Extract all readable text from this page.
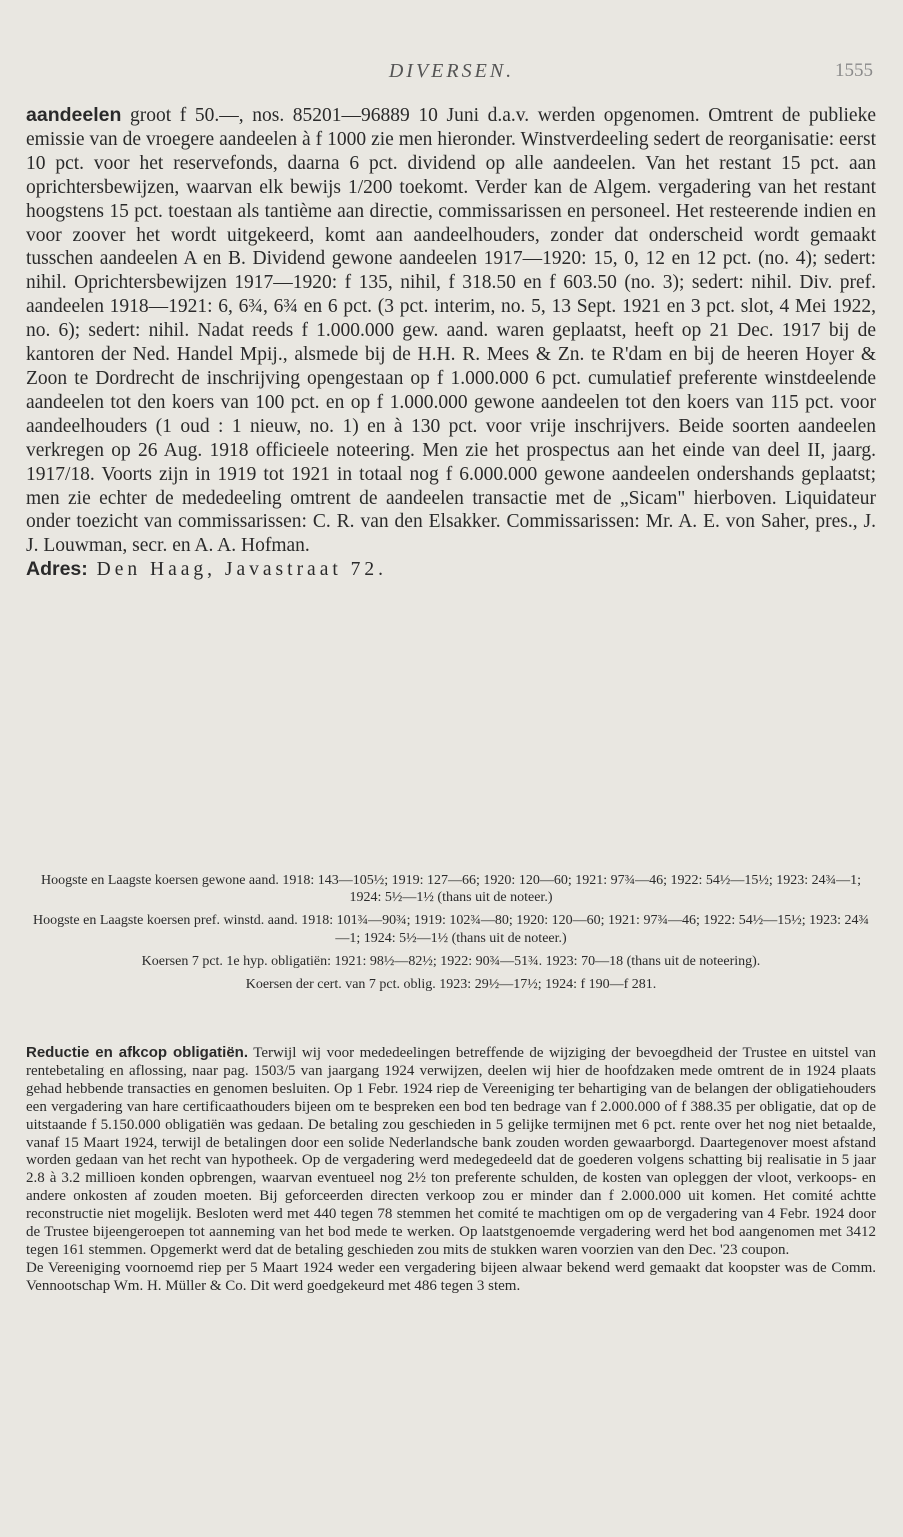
DIVERSEN.	1555

aandeelen groot f 50.—, nos. 85201—96889 10 Juni d.a.v. werden opgenomen. Omtrent de publieke emissie van de vroegere aandeelen à f 1000 zie men hieronder. Winstverdeeling sedert de reorganisatie: eerst 10 pct. voor het reservefonds, daarna 6 pct. dividend op alle aandeelen. Van het restant 15 pct. aan oprichtersbewijzen, waarvan elk bewijs 1/200 toekomt. Verder kan de Algem. vergadering van het restant hoogstens 15 pct. toestaan als tantième aan directie, commissarissen en personeel. Het resteerende indien en voor zoover het wordt uitgekeerd, komt aan aandeelhouders, zonder dat onderscheid wordt gemaakt tusschen aandeelen A en B. Dividend gewone aandeelen 1917—1920: 15, 0, 12 en 12 pct. (no. 4); sedert: nihil. Oprichtersbewijzen 1917—1920: f 135, nihil, f 318.50 en f 603.50 (no. 3); sedert: nihil. Div. pref. aandeelen 1918—1921: 6, 6¾, 6¾ en 6 pct. (3 pct. interim, no. 5, 13 Sept. 1921 en 3 pct. slot, 4 Mei 1922, no. 6); sedert: nihil. Nadat reeds f 1.000.000 gew. aand. waren geplaatst, heeft op 21 Dec. 1917 bij de kantoren der Ned. Handel Mpij., alsmede bij de H.H. R. Mees & Zn. te R'dam en bij de heeren Hoyer & Zoon te Dordrecht de inschrijving opengestaan op f 1.000.000 6 pct. cumulatief preferente winstdeelende aandeelen tot den koers van 100 pct. en op f 1.000.000 gewone aandeelen tot den koers van 115 pct. voor aandeelhouders (1 oud : 1 nieuw, no. 1) en à 130 pct. voor vrije inschrijvers. Beide soorten aandeelen verkregen op 26 Aug. 1918 officieele noteering. Men zie het prospectus aan het einde van deel II, jaarg. 1917/18. Voorts zijn in 1919 tot 1921 in totaal nog f 6.000.000 gewone aandeelen ondershands geplaatst; men zie echter de mededeeling omtrent de aandeelen transactie met de „Sicam" hierboven. Liquidateur onder toezicht van commissarissen: C. R. van den Elsakker. Commissarissen: Mr. A. E. von Saher, pres., J. J. Louwman, secr. en A. A. Hofman.

Adres: Den Haag, Javastraat 72.

Hoogste en Laagste koersen gewone aand. 1918: 143—105½; 1919: 127—66; 1920: 120—60; 1921: 97¾—46; 1922: 54½—15½; 1923: 24¾—1; 1924: 5½—1½ (thans uit de noteer.)

Hoogste en Laagste koersen pref. winstd. aand. 1918: 101¾—90¾; 1919: 102¾—80; 1920: 120—60; 1921: 97¾—46; 1922: 54½—15½; 1923: 24¾—1; 1924: 5½—1½ (thans uit de noteer.)

Koersen 7 pct. 1e hyp. obligatiën: 1921: 98½—82½; 1922: 90¾—51¾. 1923: 70—18 (thans uit de noteering).

Koersen der cert. van 7 pct. oblig. 1923: 29½—17½; 1924: f 190—f 281.

Reductie en afkcop obligatiën. Terwijl wij voor mededeelingen betreffende de wijziging der bevoegdheid der Trustee en uitstel van rentebetaling en aflossing, naar pag. 1503/5 van jaargang 1924 verwijzen, deelen wij hier de hoofdzaken mede omtrent de in 1924 plaats gehad hebbende transacties en genomen besluiten. Op 1 Febr. 1924 riep de Vereeniging ter behartiging van de belangen der obligatiehouders een vergadering van hare certificaathouders bijeen om te bespreken een bod ten bedrage van f 2.000.000 of f 388.35 per obligatie, dat op de uitstaande f 5.150.000 obligatiën was gedaan. De betaling zou geschieden in 5 gelijke termijnen met 6 pct. rente over het nog niet betaalde, vanaf 15 Maart 1924, terwijl de betalingen door een solide Nederlandsche bank zouden worden gewaarborgd. Daartegenover moest afstand worden gedaan van het recht van hypotheek. Op de vergadering werd medegedeeld dat de goederen volgens schatting bij realisatie in 5 jaar 2.8 à 3.2 millioen konden opbrengen, waarvan eventueel nog 2½ ton preferente schulden, de kosten van opleggen der vloot, verkoops- en andere onkosten af zouden moeten. Bij geforceerden directen verkoop zou er minder dan f 2.000.000 uit komen. Het comité achtte reconstructie niet mogelijk. Besloten werd met 440 tegen 78 stemmen het comité te machtigen om op de vergadering van 4 Febr. 1924 door de Trustee bijeengeroepen tot aanneming van het bod mede te werken. Op laatstgenoemde vergadering werd het bod aangenomen met 3412 tegen 161 stemmen. Opgemerkt werd dat de betaling geschieden zou mits de stukken waren voorzien van den Dec. '23 coupon.

De Vereeniging voornoemd riep per 5 Maart 1924 weder een vergadering bijeen alwaar bekend werd gemaakt dat koopster was de Comm. Vennootschap Wm. H. Müller & Co. Dit werd goedgekeurd met 486 tegen 3 stem.
